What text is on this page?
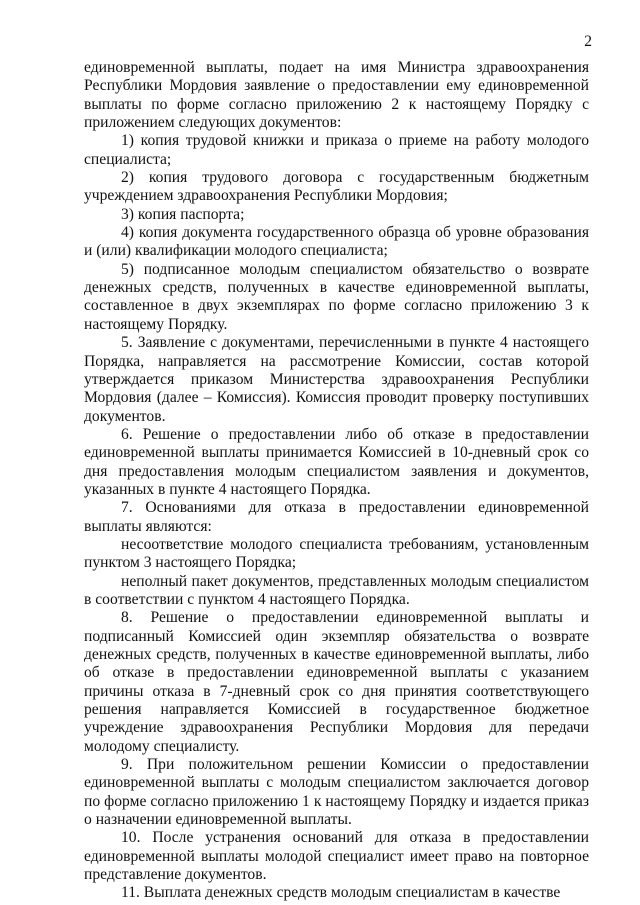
2

единовременной выплаты, подает на имя Министра здравоохранения Республики Мордовия заявление о предоставлении ему единовременной выплаты по форме согласно приложению 2 к настоящему Порядку с приложением следующих документов:

1) копия трудовой книжки и приказа о приеме на работу молодого специалиста;

2) копия трудового договора с государственным бюджетным учреждением здравоохранения Республики Мордовия;

3) копия паспорта;

4) копия документа государственного образца об уровне образования и (или) квалификации молодого специалиста;

5) подписанное молодым специалистом обязательство о возврате денежных средств, полученных в качестве единовременной выплаты, составленное в двух экземплярах по форме согласно приложению 3 к настоящему Порядку.

5. Заявление с документами, перечисленными в пункте 4 настоящего Порядка, направляется на рассмотрение Комиссии, состав которой утверждается приказом Министерства здравоохранения Республики Мордовия (далее – Комиссия). Комиссия проводит проверку поступивших документов.

6. Решение о предоставлении либо об отказе в предоставлении единовременной выплаты принимается Комиссией в 10-дневный срок со дня предоставления молодым специалистом заявления и документов, указанных в пункте 4 настоящего Порядка.

7. Основаниями для отказа в предоставлении единовременной выплаты являются:

несоответствие молодого специалиста требованиям, установленным пунктом 3 настоящего Порядка;

неполный пакет документов, представленных молодым специалистом в соответствии с пунктом 4 настоящего Порядка.

8. Решение о предоставлении единовременной выплаты и подписанный Комиссией один экземпляр обязательства о возврате денежных средств, полученных в качестве единовременной выплаты, либо об отказе в предоставлении единовременной выплаты с указанием причины отказа в 7-дневный срок со дня принятия соответствующего решения направляется Комиссией в государственное бюджетное учреждение здравоохранения Республики Мордовия для передачи молодому специалисту.

9. При положительном решении Комиссии о предоставлении единовременной выплаты с молодым специалистом заключается договор по форме согласно приложению 1 к настоящему Порядку и издается приказ о назначении единовременной выплаты.

10. После устранения оснований для отказа в предоставлении единовременной выплаты молодой специалист имеет право на повторное представление документов.

11. Выплата денежных средств молодым специалистам в качестве
